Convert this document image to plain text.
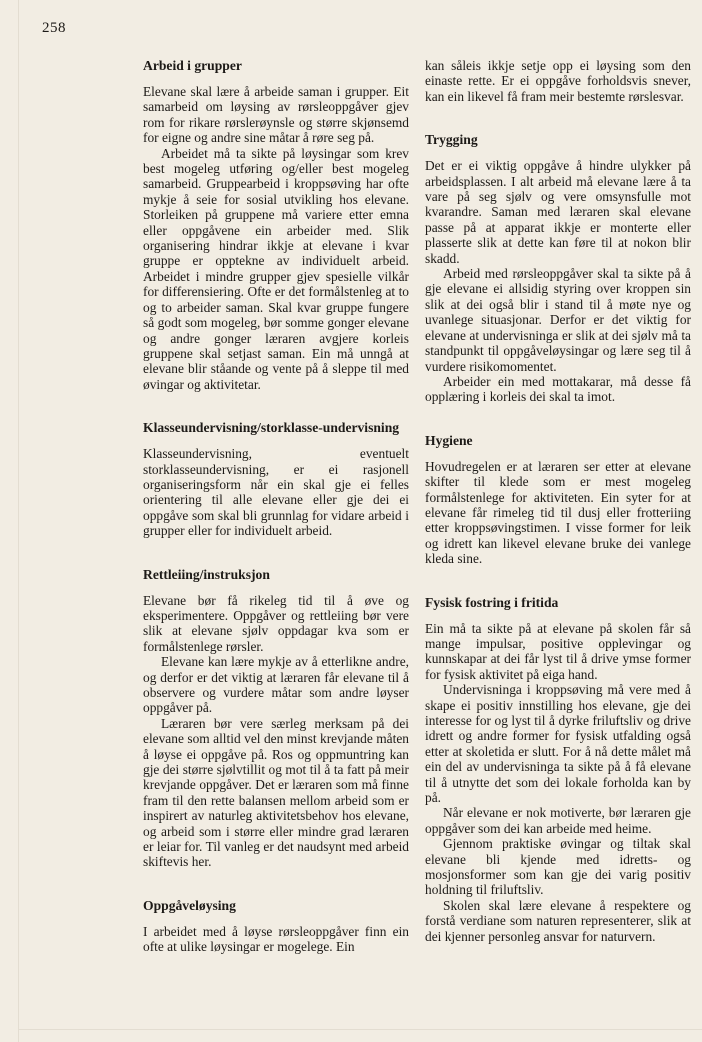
258
Arbeid i grupper

Elevane skal lære å arbeide saman i grupper. Eit samarbeid om løysing av rørsleoppgåver gjev rom for rikare rørslerøynsle og større skjønsemd for eigne og andre sine måtar å røre seg på.

Arbeidet må ta sikte på løysingar som krev best mogeleg utføring og/eller best mogeleg samarbeid. Gruppearbeid i kroppsøving har ofte mykje å seie for sosial utvikling hos elevane. Storleiken på gruppene må variere etter emna eller oppgåvene ein arbeider med. Slik organisering hindrar ikkje at elevane i kvar gruppe er opptekne av individuelt arbeid. Arbeidet i mindre grupper gjev spesielle vilkår for differensiering. Ofte er det formålstenleg at to og to arbeider saman. Skal kvar gruppe fungere så godt som mogeleg, bør somme gonger elevane og andre gonger læraren avgjere korleis gruppene skal setjast saman. Ein må unngå at elevane blir ståande og vente på å sleppe til med øvingar og aktivitetar.

Klasseundervisning/storklasse-undervisning

Klasseundervisning, eventuelt storklasseundervisning, er ei rasjonell organiseringsform når ein skal gje ei felles orientering til alle elevane eller gje dei ei oppgåve som skal bli grunnlag for vidare arbeid i grupper eller for individuelt arbeid.

Rettleiing/instruksjon

Elevane bør få rikeleg tid til å øve og eksperimentere. Oppgåver og rettleiing bør vere slik at elevane sjølv oppdagar kva som er formålstenlege rørsler.

Elevane kan lære mykje av å etterlikne andre, og derfor er det viktig at læraren får elevane til å observere og vurdere måtar som andre løyser oppgåver på.

Læraren bør vere særleg merksam på dei elevane som alltid vel den minst krevjande måten å løyse ei oppgåve på. Ros og oppmuntring kan gje dei større sjølvtillit og mot til å ta fatt på meir krevjande oppgåver. Det er læraren som må finne fram til den rette balansen mellom arbeid som er inspirert av naturleg aktivitetsbehov hos elevane, og arbeid som i større eller mindre grad læraren er leiar for. Til vanleg er det naudsynt med arbeid skiftevis her.

Oppgåveløysing

I arbeidet med å løyse rørsleoppgåver finn ein ofte at ulike løysingar er mogelege. Ein

kan såleis ikkje setje opp ei løysing som den einaste rette. Er ei oppgåve forholdsvis snever, kan ein likevel få fram meir bestemte rørslesvar.

Trygging

Det er ei viktig oppgåve å hindre ulykker på arbeidsplassen. I alt arbeid må elevane lære å ta vare på seg sjølv og vere omsynsfulle mot kvarandre. Saman med læraren skal elevane passe på at apparat ikkje er monterte eller plasserte slik at dette kan føre til at nokon blir skadd.

Arbeid med rørsleoppgåver skal ta sikte på å gje elevane ei allsidig styring over kroppen sin slik at dei også blir i stand til å møte nye og uvanlege situasjonar. Derfor er det viktig for elevane at undervisninga er slik at dei sjølv må ta standpunkt til oppgåveløysingar og lære seg til å vurdere risikomomentet.

Arbeider ein med mottakarar, må desse få opplæring i korleis dei skal ta imot.

Hygiene

Hovudregelen er at læraren ser etter at elevane skifter til klede som er mest mogeleg formålstenlege for aktiviteten. Ein syter for at elevane får rimeleg tid til dusj eller frotteriing etter kroppsøvingstimen. I visse former for leik og idrett kan likevel elevane bruke dei vanlege kleda sine.

Fysisk fostring i fritida

Ein må ta sikte på at elevane på skolen får så mange impulsar, positive opplevingar og kunnskapar at dei får lyst til å drive ymse former for fysisk aktivitet på eiga hand.

Undervisninga i kroppsøving må vere med å skape ei positiv innstilling hos elevane, gje dei interesse for og lyst til å dyrke friluftsliv og drive idrett og andre former for fysisk utfalding også etter at skoletida er slutt. For å nå dette målet må ein del av undervisninga ta sikte på å få elevane til å utnytte det som dei lokale forholda kan by på.

Når elevane er nok motiverte, bør læraren gje oppgåver som dei kan arbeide med heime.

Gjennom praktiske øvingar og tiltak skal elevane bli kjende med idretts- og mosjonsformer som kan gje dei varig positiv holdning til friluftsliv.

Skolen skal lære elevane å respektere og forstå verdiane som naturen representerer, slik at dei kjenner personleg ansvar for naturvern.
